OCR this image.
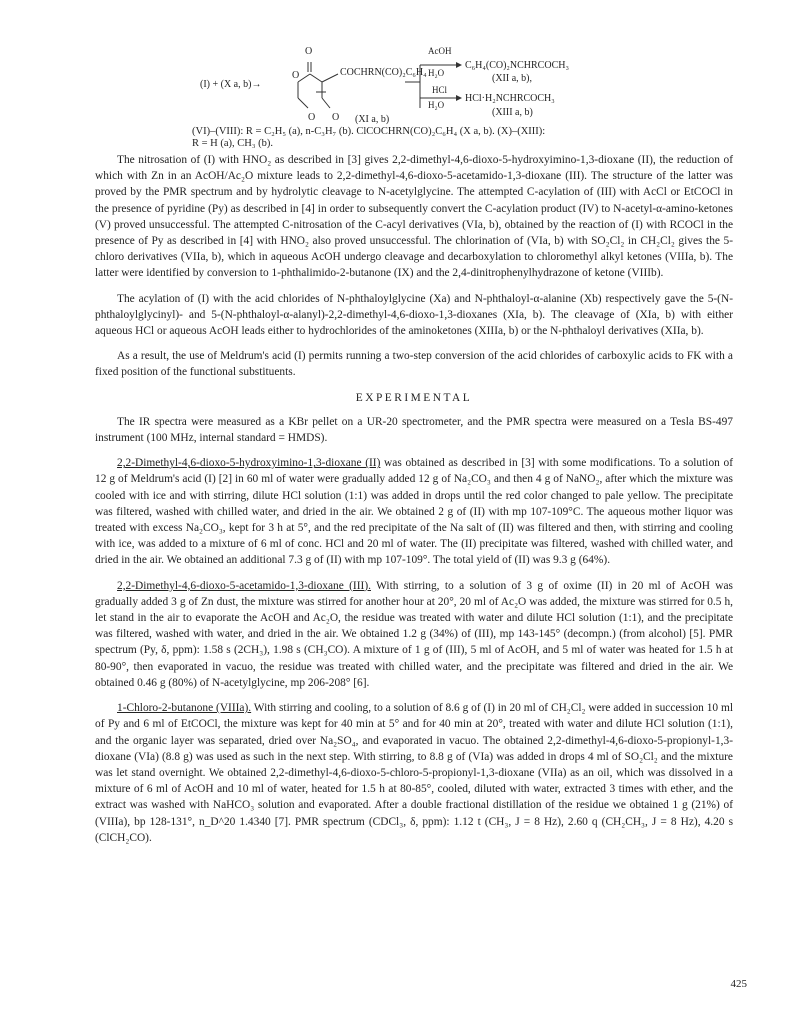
O
COCHRN(CO)₂C₆H₄
O
(I) + (X a, b)→
O O (XI a, b)
AcOH
H₂O
C₆H₄(CO)₂NCHRCOCH₃
(XII a, b),
HCl
H₂O
HCl·H₂NCHRCOCH₃
(XIII a, b)
(VI)–(VIII): R = C₂H₅ (a), n-C₃H₇ (b). ClCOCHRN(CO)₂C₆H₄ (X a, b). (X)–(XIII):
R = H (a), CH₃ (b).

The nitrosation of (I) with HNO₂ as described in [3] gives 2,2-dimethyl-4,6-dioxo-5-hydroxyimino-1,3-dioxane (II), the reduction of which with Zn in an AcOH/Ac₂O mixture leads to 2,2-dimethyl-4,6-dioxo-5-acetamido-1,3-dioxane (III). The structure of the latter was proved by the PMR spectrum and by hydrolytic cleavage to N-acetylglycine. The attempted C-acylation of (III) with AcCl or EtCOCl in the presence of pyridine (Py) as described in [4] in order to subsequently convert the C-acylation product (IV) to N-acetyl-α-amino-ketones (V) proved unsuccessful. The attempted C-nitrosation of the C-acyl derivatives (VIa, b), obtained by the reaction of (I) with RCOCl in the presence of Py as described in [4] with HNO₂ also proved unsuccessful. The chlorination of (VIa, b) with SO₂Cl₂ in CH₂Cl₂ gives the 5-chloro derivatives (VIIa, b), which in aqueous AcOH undergo cleavage and decarboxylation to chloromethyl alkyl ketones (VIIIa, b). The latter were identified by conversion to 1-phthalimido-2-butanone (IX) and the 2,4-dinitrophenylhydrazone of ketone (VIIIb).

The acylation of (I) with the acid chlorides of N-phthaloylglycine (Xa) and N-phthaloyl-α-alanine (Xb) respectively gave the 5-(N-phthaloylglycinyl)- and 5-(N-phthaloyl-α-alanyl)-2,2-dimethyl-4,6-dioxo-1,3-dioxanes (XIa, b). The cleavage of (XIa, b) with either aqueous HCl or aqueous AcOH leads either to hydrochlorides of the aminoketones (XIIIa, b) or the N-phthaloyl derivatives (XIIa, b).

As a result, the use of Meldrum's acid (I) permits running a two-step conversion of the acid chlorides of carboxylic acids to FK with a fixed position of the functional substituents.

EXPERIMENTAL

The IR spectra were measured as a KBr pellet on a UR-20 spectrometer, and the PMR spectra were measured on a Tesla BS-497 instrument (100 MHz, internal standard = HMDS).

2,2-Dimethyl-4,6-dioxo-5-hydroxyimino-1,3-dioxane (II) was obtained as described in [3] with some modifications. To a solution of 12 g of Meldrum's acid (I) [2] in 60 ml of water were gradually added 12 g of Na₂CO₃ and then 4 g of NaNO₂, after which the mixture was cooled with ice and with stirring, dilute HCl solution (1:1) was added in drops until the red color changed to pale yellow. The precipitate was filtered, washed with chilled water, and dried in the air. We obtained 2 g of (II) with mp 107-109°C. The aqueous mother liquor was treated with excess Na₂CO₃, kept for 3 h at 5°, and the red precipitate of the Na salt of (II) was filtered and then, with stirring and cooling with ice, was added to a mixture of 6 ml of conc. HCl and 20 ml of water. The (II) precipitate was filtered, washed with chilled water, and dried in the air. We obtained an additional 7.3 g of (II) with mp 107-109°. The total yield of (II) was 9.3 g (64%).

2,2-Dimethyl-4,6-dioxo-5-acetamido-1,3-dioxane (III). With stirring, to a solution of 3 g of oxime (II) in 20 ml of AcOH was gradually added 3 g of Zn dust, the mixture was stirred for another hour at 20°, 20 ml of Ac₂O was added, the mixture was stirred for 0.5 h, let stand in the air to evaporate the AcOH and Ac₂O, the residue was treated with water and dilute HCl solution (1:1), and the precipitate was filtered, washed with water, and dried in the air. We obtained 1.2 g (34%) of (III), mp 143-145° (decompn.) (from alcohol) [5]. PMR spectrum (Py, δ, ppm): 1.58 s (2CH₃), 1.98 s (CH₃CO). A mixture of 1 g of (III), 5 ml of AcOH, and 5 ml of water was heated for 1.5 h at 80-90°, then evaporated in vacuo, the residue was treated with chilled water, and the precipitate was filtered and dried in the air. We obtained 0.46 g (80%) of N-acetylglycine, mp 206-208° [6].

1-Chloro-2-butanone (VIIIa). With stirring and cooling, to a solution of 8.6 g of (I) in 20 ml of CH₂Cl₂ were added in succession 10 ml of Py and 6 ml of EtCOCl, the mixture was kept for 40 min at 5° and for 40 min at 20°, treated with water and dilute HCl solution (1:1), and the organic layer was separated, dried over Na₂SO₄, and evaporated in vacuo. The obtained 2,2-dimethyl-4,6-dioxo-5-propionyl-1,3-dioxane (VIa) (8.8 g) was used as such in the next step. With stirring, to 8.8 g of (VIa) was added in drops 4 ml of SO₂Cl₂ and the mixture was let stand overnight. We obtained 2,2-dimethyl-4,6-dioxo-5-chloro-5-propionyl-1,3-dioxane (VIIa) as an oil, which was dissolved in a mixture of 6 ml of AcOH and 10 ml of water, heated for 1.5 h at 80-85°, cooled, diluted with water, extracted 3 times with ether, and the extract was washed with NaHCO₃ solution and evaporated. After a double fractional distillation of the residue we obtained 1 g (21%) of (VIIIa), bp 128-131°, n_D^20 1.4340 [7]. PMR spectrum (CDCl₃, δ, ppm): 1.12 t (CH₃, J = 8 Hz), 2.60 q (CH₂CH₃, J = 8 Hz), 4.20 s (ClCH₂CO).

425
